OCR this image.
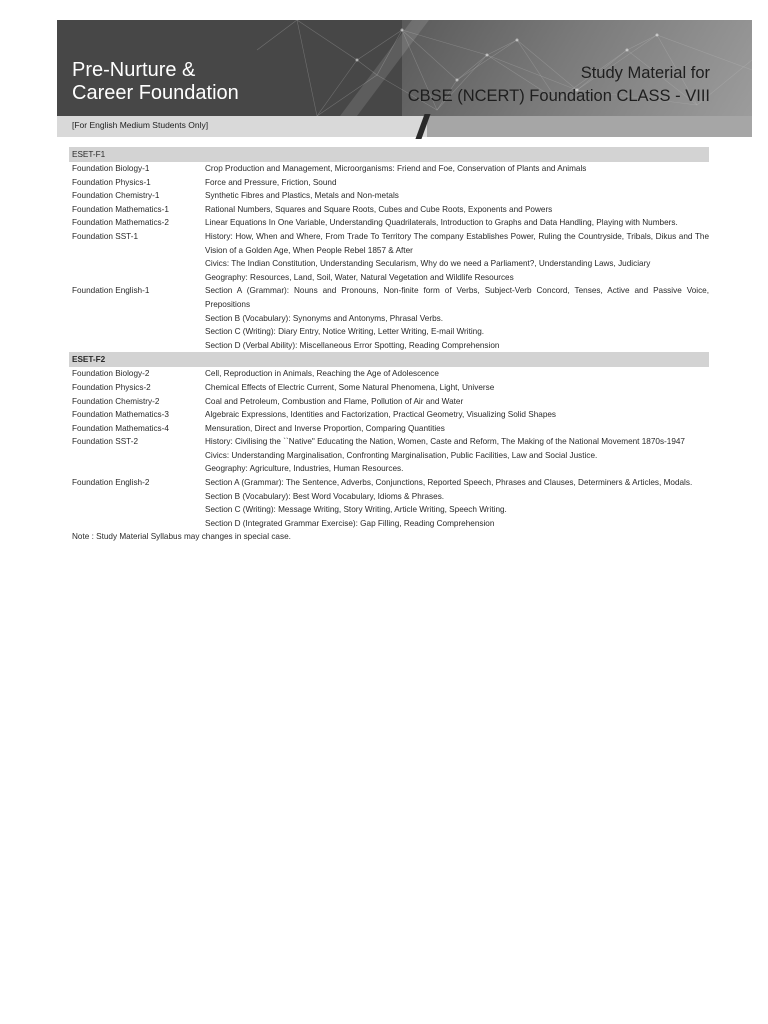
Pre-Nurture &
Career Foundation
Study Material for
CBSE (NCERT) Foundation CLASS - VIII
[For English Medium Students Only]
ESET-F1
Foundation Biology-1	Crop Production and Management, Microorganisms: Friend and Foe, Conservation of Plants and Animals
Foundation Physics-1	Force and Pressure, Friction, Sound
Foundation Chemistry-1	Synthetic Fibres and Plastics, Metals and Non-metals
Foundation Mathematics-1	Rational Numbers, Squares and Square Roots, Cubes and Cube Roots, Exponents and Powers
Foundation Mathematics-2	Linear Equations In One Variable, Understanding Quadrilaterals, Introduction to Graphs and Data Handling, Playing with Numbers.
Foundation SST-1	History: How, When and Where, From Trade To Territory The company Establishes Power, Ruling the Countryside, Tribals, Dikus and The Vision of a Golden Age, When People Rebel 1857 & After
Civics: The Indian Constitution, Understanding Secularism, Why do we need a Parliament?, Understanding Laws, Judiciary
Geography: Resources, Land, Soil, Water, Natural Vegetation and Wildlife Resources
Foundation English-1	Section A (Grammar): Nouns and Pronouns, Non-finite form of Verbs, Subject-Verb Concord, Tenses, Active and Passive Voice, Prepositions
Section B (Vocabulary): Synonyms and Antonyms, Phrasal Verbs.
Section C (Writing): Diary Entry, Notice Writing, Letter Writing, E-mail Writing.
Section D (Verbal Ability): Miscellaneous Error Spotting, Reading Comprehension
ESET-F2
Foundation Biology-2	Cell, Reproduction in Animals, Reaching the Age of Adolescence
Foundation Physics-2	Chemical Effects of Electric Current, Some Natural Phenomena, Light, Universe
Foundation Chemistry-2	Coal and Petroleum, Combustion and Flame, Pollution of Air and Water
Foundation Mathematics-3	Algebraic Expressions, Identities and Factorization, Practical Geometry, Visualizing Solid Shapes
Foundation Mathematics-4	Mensuration, Direct and Inverse Proportion, Comparing Quantities
Foundation SST-2	History: Civilising the ``Native" Educating the Nation, Women, Caste and Reform, The Making of the National Movement 1870s-1947
Civics: Understanding Marginalisation, Confronting Marginalisation, Public Facilities, Law and Social Justice.
Geography: Agriculture, Industries, Human Resources.
Foundation English-2	Section A (Grammar): The Sentence, Adverbs, Conjunctions, Reported Speech, Phrases and Clauses, Determiners & Articles, Modals.
Section B (Vocabulary): Best Word Vocabulary, Idioms & Phrases.
Section C (Writing): Message Writing, Story Writing, Article Writing, Speech Writing.
Section D (Integrated Grammar Exercise): Gap Filling, Reading Comprehension
Note : Study Material Syllabus may changes in special case.
